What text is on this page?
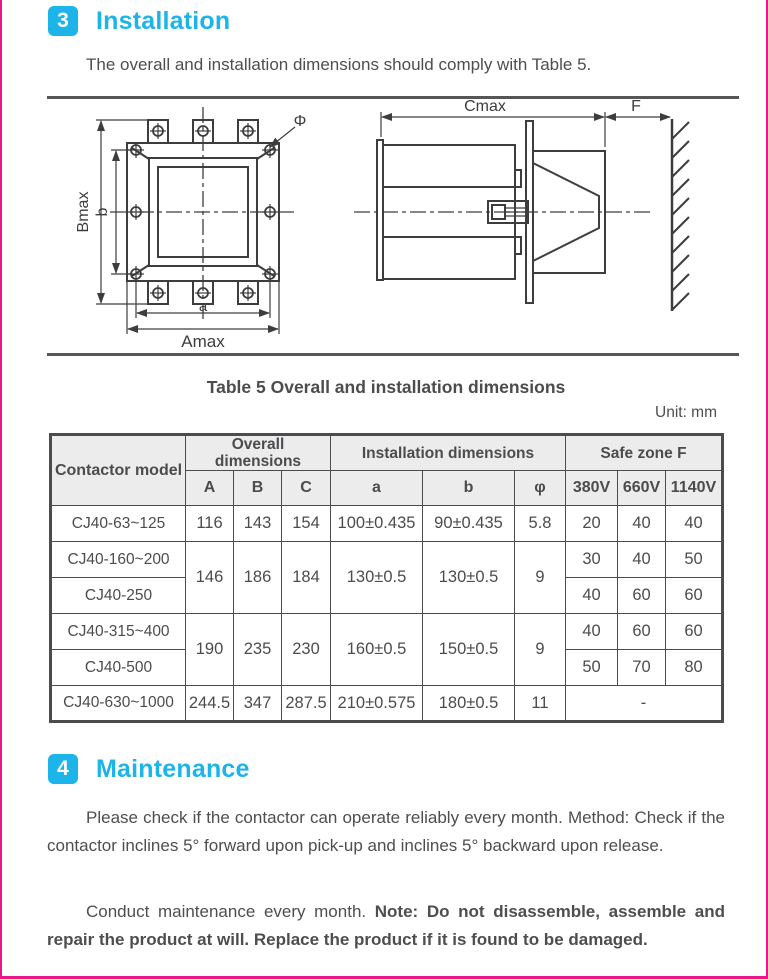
3	Installation

The overall and installation dimensions should comply with Table 5.

Bmax b
a
Amax
Φ
Cmax	F
Table 5 Overall and installation dimensions
Unit: mm
Contactor model	Overall dimensions			Installation dimensions			Safe zone F		
	A	B	C	a	b	φ	380V	660V	1140V
CJ40-63~125	116	143	154	100±0.435	90±0.435	5.8	20	40	40
CJ40-160~200	146	186	184	130±0.5	130±0.5	9	30	40	50
CJ40-250							40	60	60
CJ40-315~400	190	235	230	160±0.5	150±0.5	9	40	60	60
CJ40-500							50	70	80
CJ40-630~1000	244.5	347	287.5	210±0.575	180±0.5	11	-		
4	Maintenance

Please check if the contactor can operate reliably every month. Method: Check if the contactor inclines 5° forward upon pick-up and inclines 5° backward upon release.

Conduct maintenance every month. Note: Do not disassemble, assemble and repair the product at will. Replace the product if it is found to be damaged.
